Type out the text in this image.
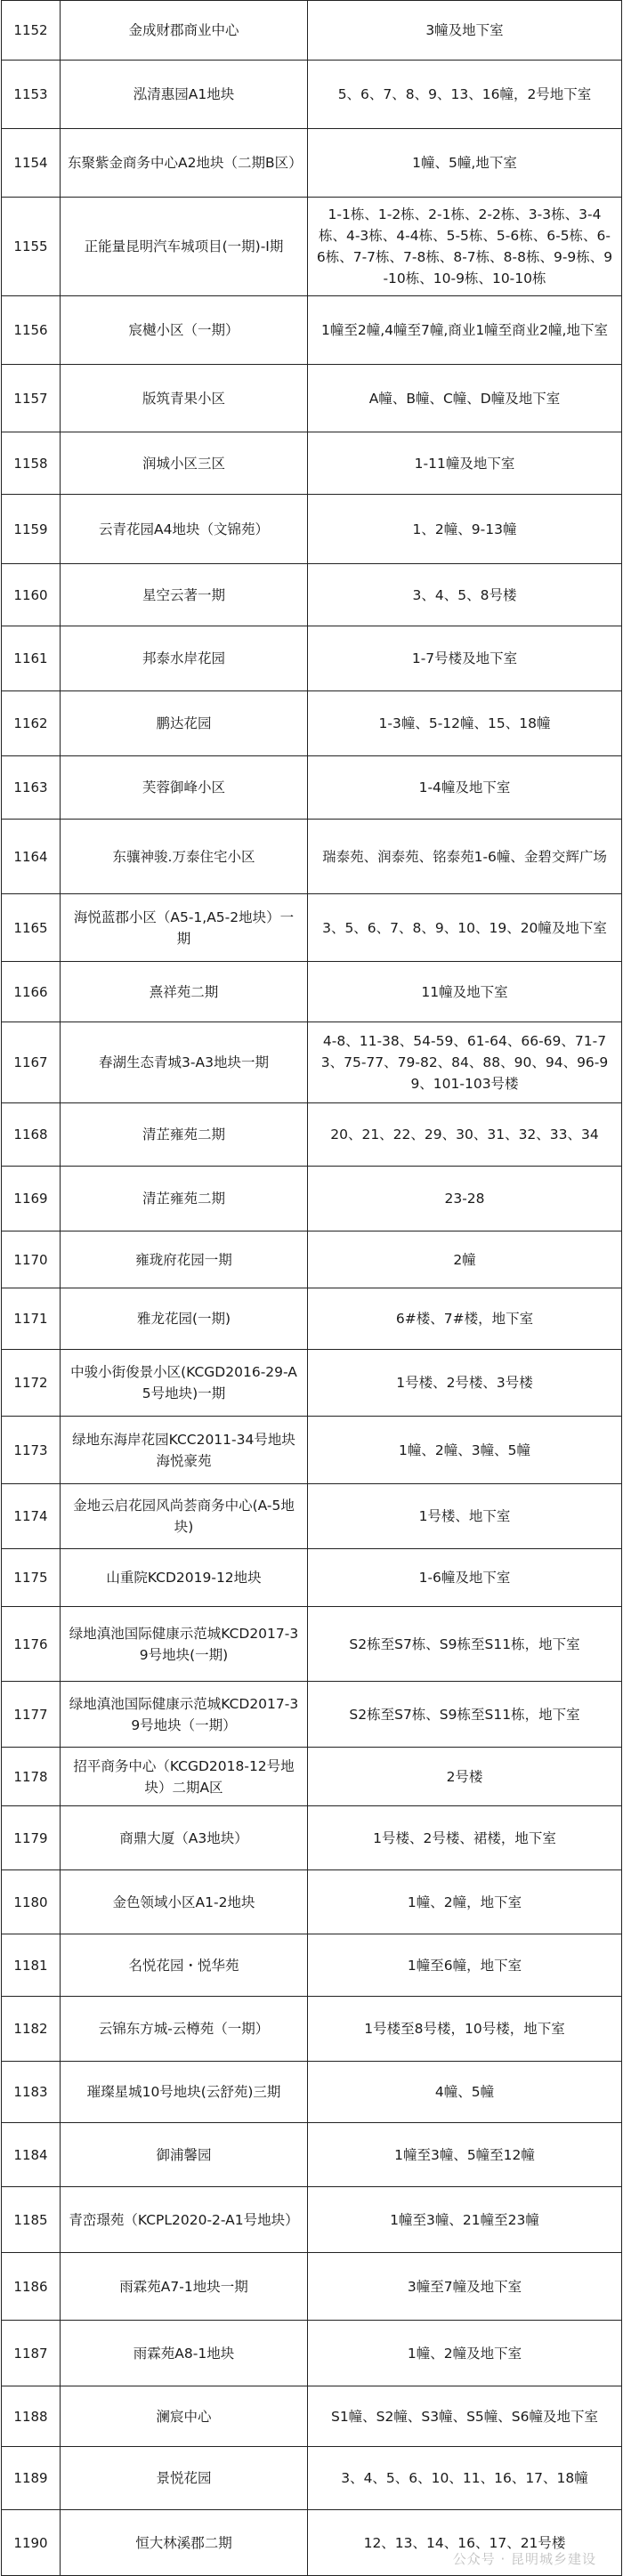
1152	金成财郡商业中心	3幢及地下室
1153	泓清惠园A1地块	5、6、7、8、9、13、16幢，2号地下室
1154	东聚紫金商务中心A2地块（二期B区）	1幢、5幢,地下室
1155	正能量昆明汽车城项目(一期)-Ⅰ期	1-1栋、1-2栋、2-1栋、2-2栋、3-3栋、3-4栋、4-3栋、4-4栋、5-5栋、5-6栋、6-5栋、6-6栋、7-7栋、7-8栋、8-7栋、8-8栋、9-9栋、9-10栋、10-9栋、10-10栋
1156	宸樾小区（一期）	1幢至2幢,4幢至7幢,商业1幢至商业2幢,地下室
1157	版筑青果小区	A幢、B幢、C幢、D幢及地下室
1158	润城小区三区	1-11幢及地下室
1159	云青花园A4地块（文锦苑）	1、2幢、9-13幢
1160	星空云著一期	3、4、5、8号楼
1161	邦泰水岸花园	1-7号楼及地下室
1162	鹏达花园	1-3幢、5-12幢、15、18幢
1163	芙蓉御峰小区	1-4幢及地下室
1164	东骧神骏.万泰住宅小区	瑞泰苑、润泰苑、铭泰苑1-6幢、金碧交辉广场
1165	海悦蓝郡小区（A5-1,A5-2地块）一期	3、5、6、7、8、9、10、19、20幢及地下室
1166	熹祥苑二期	11幢及地下室
1167	春湖生态青城3-A3地块一期	4-8、11-38、54-59、61-64、66-69、71-73、75-77、79-82、84、88、90、94、96-99、101-103号楼
1168	清芷雍苑二期	20、21、22、29、30、31、32、33、34
1169	清芷雍苑二期	23-28
1170	雍珑府花园一期	2幢
1171	雅龙花园(一期)	6#楼、7#楼，地下室
1172	中骏小街俊景小区(KCGD2016-29-A5号地块)一期	1号楼、2号楼、3号楼
1173	绿地东海岸花园KCC2011-34号地块海悦豪苑	1幢、2幢、3幢、5幢
1174	金地云启花园风尚荟商务中心(A-5地块)	1号楼、地下室
1175	山重院KCD2019-12地块	1-6幢及地下室
1176	绿地滇池国际健康示范城KCD2017-39号地块(一期)	S2栋至S7栋、S9栋至S11栋，地下室
1177	绿地滇池国际健康示范城KCD2017-39号地块（一期）	S2栋至S7栋、S9栋至S11栋，地下室
1178	招平商务中心（KCGD2018-12号地块）二期A区	2号楼
1179	商鼎大厦（A3地块）	1号楼、2号楼、裙楼，地下室
1180	金色领域小区A1-2地块	1幢、2幢，地下室
1181	名悦花园・悦华苑	1幢至6幢，地下室
1182	云锦东方城-云樽苑（一期）	1号楼至8号楼，10号楼，地下室
1183	璀璨星城10号地块(云舒苑)三期	4幢、5幢
1184	御浦馨园	1幢至3幢、5幢至12幢
1185	青峦璟苑（KCPL2020-2-A1号地块）	1幢至3幢、21幢至23幢
1186	雨霖苑A7-1地块一期	3幢至7幢及地下室
1187	雨霖苑A8-1地块	1幢、2幢及地下室
1188	澜宸中心	S1幢、S2幢、S3幢、S5幢、S6幢及地下室
1189	景悦花园	3、4、5、6、10、11、16、17、18幢
1190	恒大林溪郡二期	12、13、14、16、17、21号楼
公众号 · 昆明城乡建设
